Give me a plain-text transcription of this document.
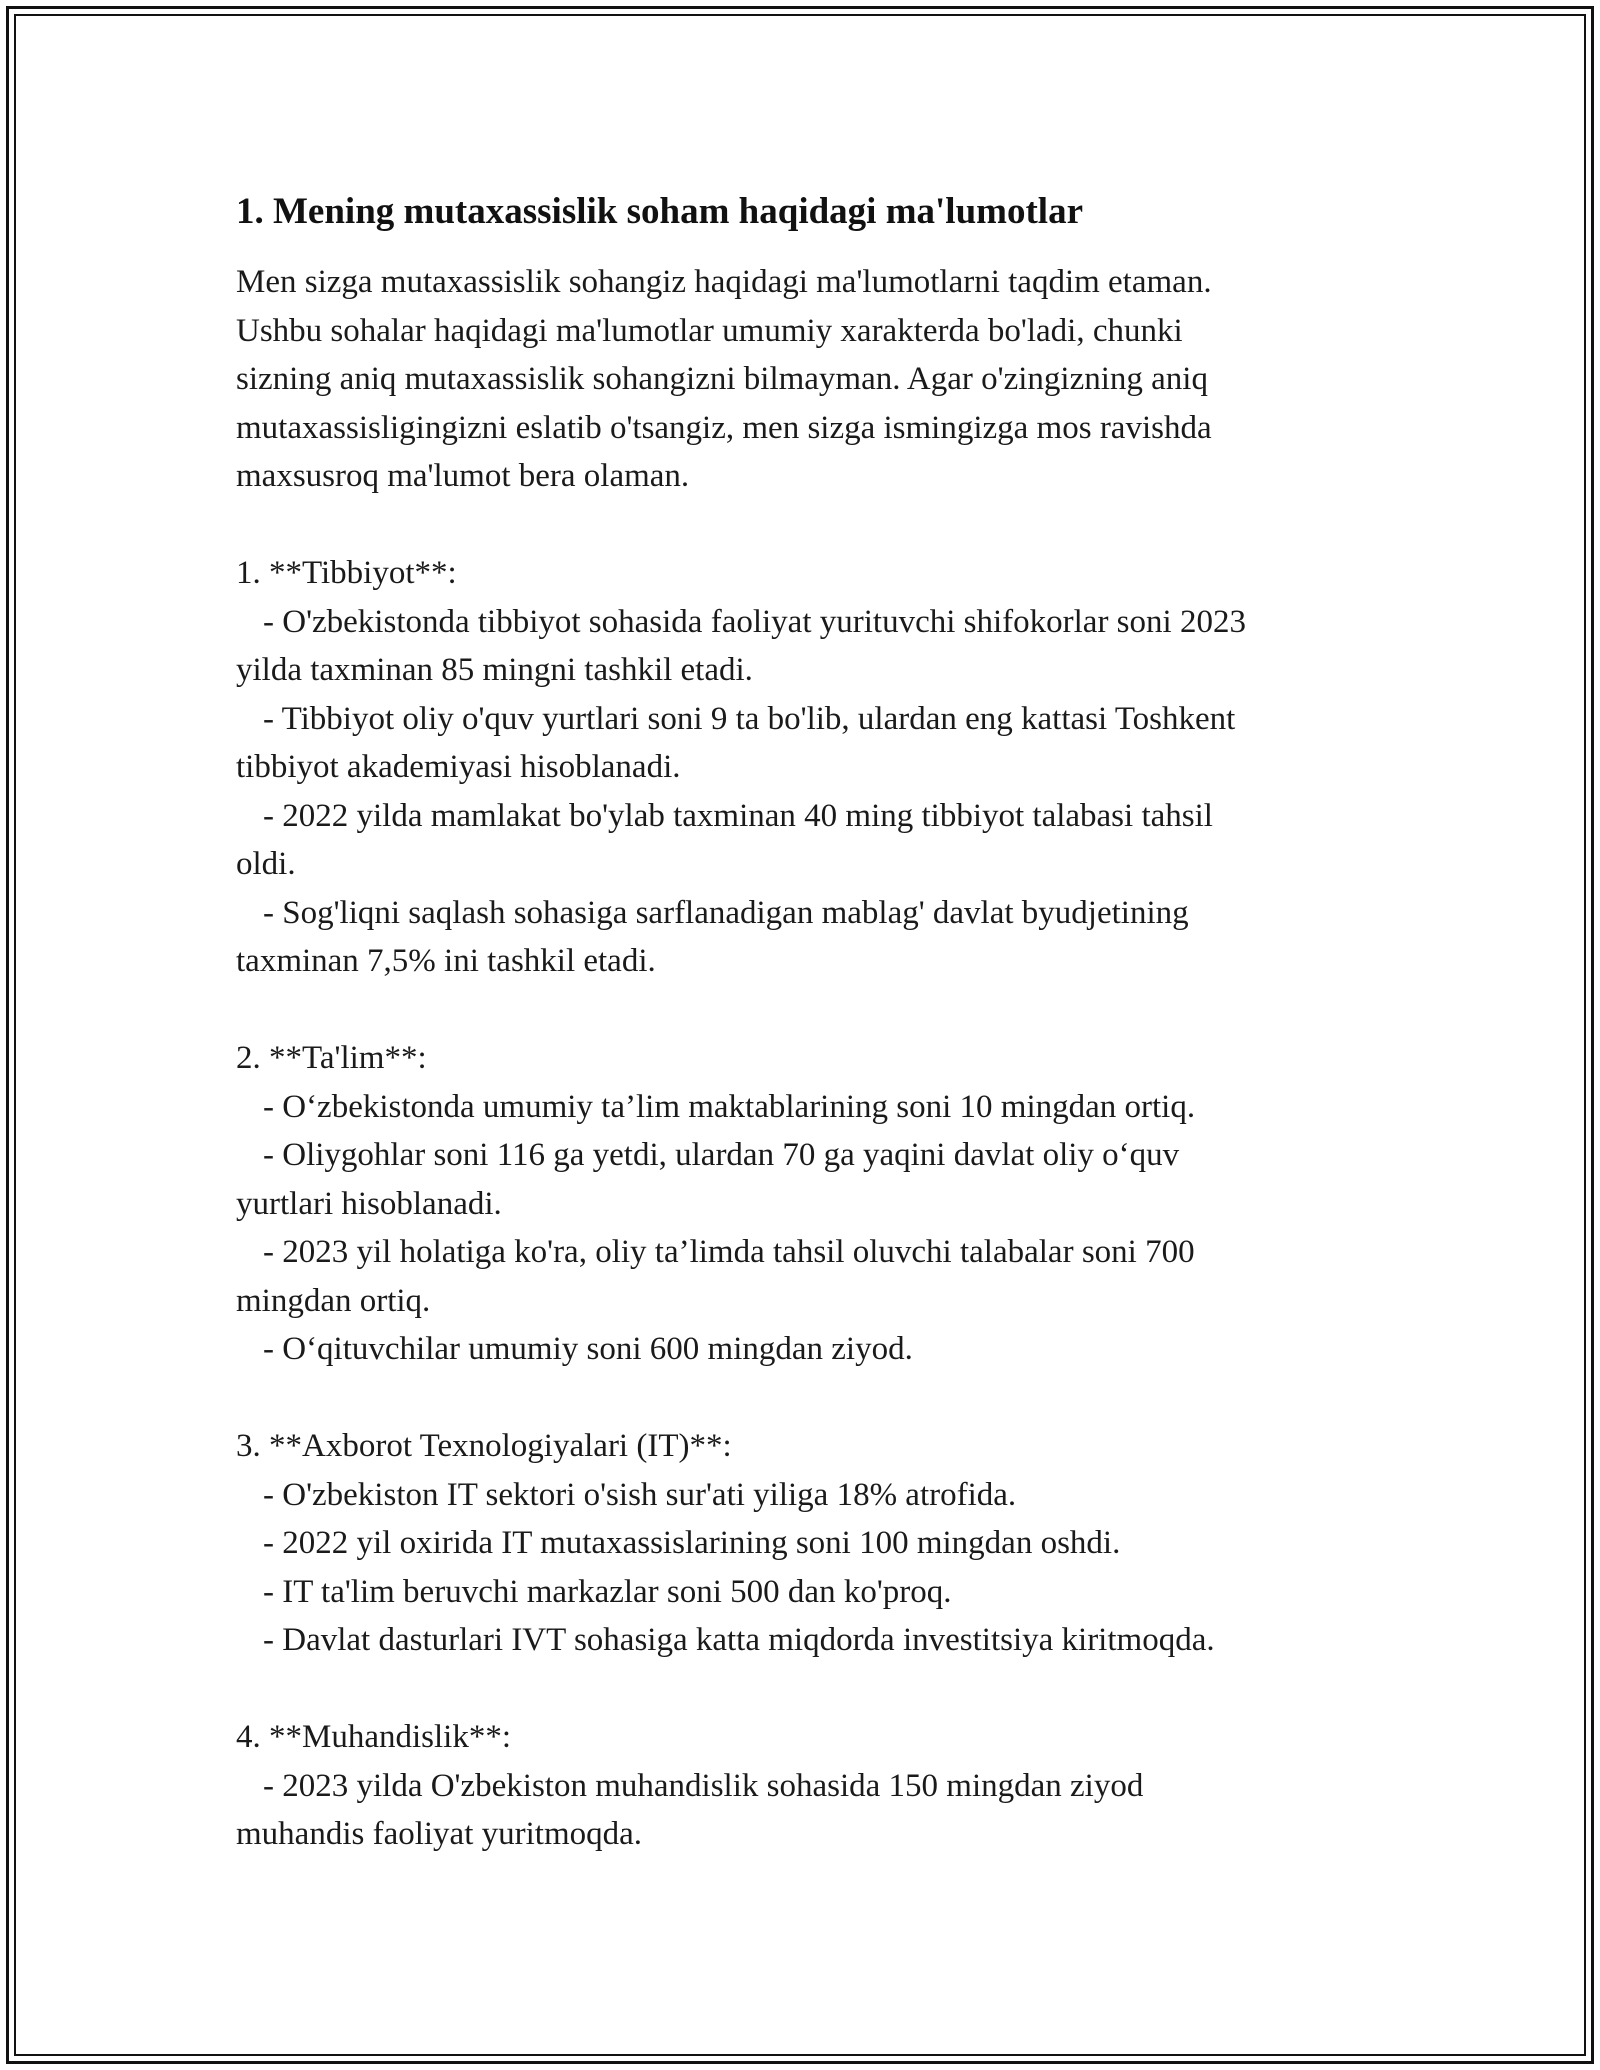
1. Mening mutaxassislik soham haqidagi ma'lumotlar
Men sizga mutaxassislik sohangiz haqidagi ma'lumotlarni taqdim etaman.
Ushbu sohalar haqidagi ma'lumotlar umumiy xarakterda bo'ladi, chunki
sizning aniq mutaxassislik sohangizni bilmayman. Agar o'zingizning aniq
mutaxassisligingizni eslatib o'tsangiz, men sizga ismingizga mos ravishda
maxsusroq ma'lumot bera olaman.
1. **Tibbiyot**:
- O'zbekistonda tibbiyot sohasida faoliyat yurituvchi shifokorlar soni 2023
yilda taxminan 85 mingni tashkil etadi.
- Tibbiyot oliy o'quv yurtlari soni 9 ta bo'lib, ulardan eng kattasi Toshkent
tibbiyot akademiyasi hisoblanadi.
- 2022 yilda mamlakat bo'ylab taxminan 40 ming tibbiyot talabasi tahsil
oldi.
- Sog'liqni saqlash sohasiga sarflanadigan mablag' davlat byudjetining
taxminan 7,5% ini tashkil etadi.
2. **Ta'lim**:
- O‘zbekistonda umumiy ta’lim maktablarining soni 10 mingdan ortiq.
- Oliygohlar soni 116 ga yetdi, ulardan 70 ga yaqini davlat oliy o‘quv
yurtlari hisoblanadi.
- 2023 yil holatiga ko'ra, oliy ta’limda tahsil oluvchi talabalar soni 700
mingdan ortiq.
- O‘qituvchilar umumiy soni 600 mingdan ziyod.
3. **Axborot Texnologiyalari (IT)**:
- O'zbekiston IT sektori o'sish sur'ati yiliga 18% atrofida.
- 2022 yil oxirida IT mutaxassislarining soni 100 mingdan oshdi.
- IT ta'lim beruvchi markazlar soni 500 dan ko'proq.
- Davlat dasturlari IVT sohasiga katta miqdorda investitsiya kiritmoqda.
4. **Muhandislik**:
- 2023 yilda O'zbekiston muhandislik sohasida 150 mingdan ziyod
muhandis faoliyat yuritmoqda.
